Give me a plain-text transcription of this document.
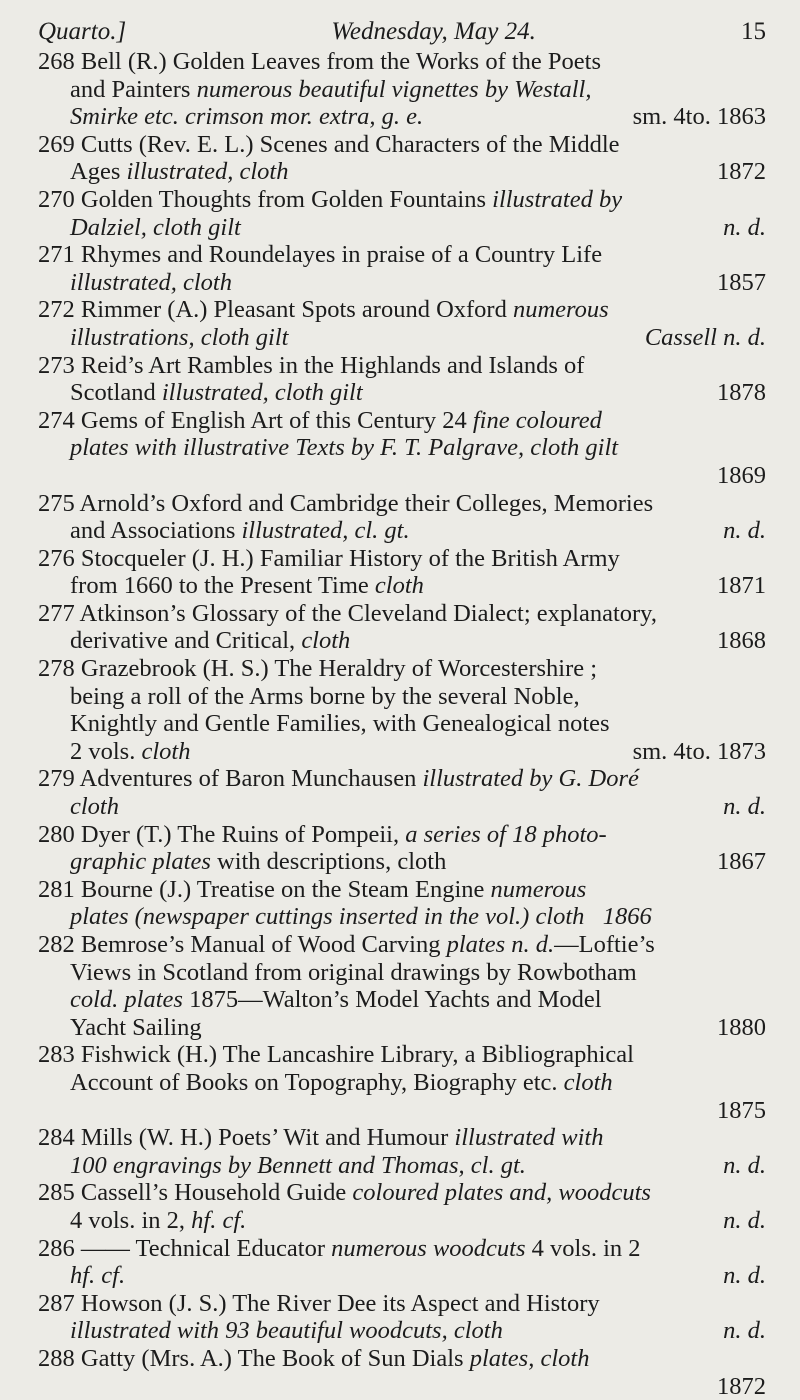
Quarto.]	Wednesday, May 24.	15
268 Bell (R.) Golden Leaves from the Works of the Poets
and Painters numerous beautiful vignettes by Westall,
Smirke etc. crimson mor. extra, g. e.	sm. 4to. 1863
269 Cutts (Rev. E. L.) Scenes and Characters of the Middle
Ages illustrated, cloth	1872
270 Golden Thoughts from Golden Fountains illustrated by
Dalziel, cloth gilt	n. d.
271 Rhymes and Roundelayes in praise of a Country Life
illustrated, cloth	1857
272 Rimmer (A.) Pleasant Spots around Oxford numerous
illustrations, cloth gilt	Cassell n. d.
273 Reid’s Art Rambles in the Highlands and Islands of
Scotland illustrated, cloth gilt	1878
274 Gems of English Art of this Century 24 fine coloured
plates with illustrative Texts by F. T. Palgrave, cloth gilt
1869
275 Arnold’s Oxford and Cambridge their Colleges, Memories
and Associations illustrated, cl. gt.	n. d.
276 Stocqueler (J. H.) Familiar History of the British Army
from 1660 to the Present Time cloth	1871
277 Atkinson’s Glossary of the Cleveland Dialect; explanatory,
derivative and Critical, cloth	1868
278 Grazebrook (H. S.) The Heraldry of Worcestershire ;
being a roll of the Arms borne by the several Noble,
Knightly and Gentle Families, with Genealogical notes
2 vols. cloth	sm. 4to. 1873
279 Adventures of Baron Munchausen illustrated by G. Doré
cloth	n. d.
280 Dyer (T.) The Ruins of Pompeii, a series of 18 photo-
graphic plates with descriptions, cloth	1867
281 Bourne (J.) Treatise on the Steam Engine numerous
plates (newspaper cuttings inserted in the vol.) cloth   1866
282 Bemrose’s Manual of Wood Carving plates n. d.—Loftie’s
Views in Scotland from original drawings by Rowbotham
cold. plates 1875—Walton’s Model Yachts and Model
Yacht Sailing	1880
283 Fishwick (H.) The Lancashire Library, a Bibliographical
Account of Books on Topography, Biography etc. cloth
1875
284 Mills (W. H.) Poets’ Wit and Humour illustrated with
100 engravings by Bennett and Thomas, cl. gt.	n. d.
285 Cassell’s Household Guide coloured plates and, woodcuts
4 vols. in 2, hf. cf.	n. d.
286 —— Technical Educator numerous woodcuts 4 vols. in 2
hf. cf.	n. d.
287 Howson (J. S.) The River Dee its Aspect and History
illustrated with 93 beautiful woodcuts, cloth	n. d.
288 Gatty (Mrs. A.) The Book of Sun Dials plates, cloth
1872
